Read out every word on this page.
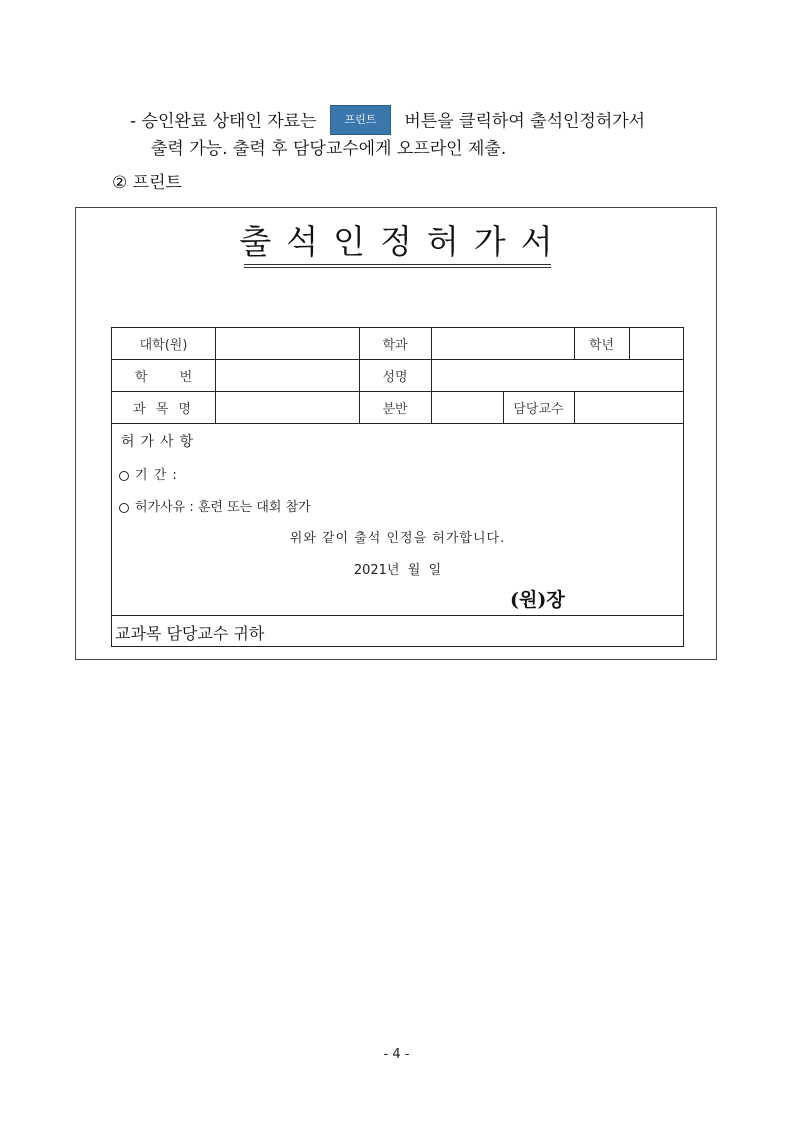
- 승인완료 상태인 자료는	프린트 버튼을 클릭하여 출석인정허가서
출력 가능. 출력 후 담당교수에게 오프라인 제출.
② 프린트
출석인정허가서
대학(원)	학과	학년
학 번	성명
과 목 명	분반	담당교수
허가사항
기 간 :
허가사유 : 훈련 또는 대회 참가
위와 같이 출석 인정을 허가합니다.
2021년  월  일
(원)장
교과목 담당교수 귀하
- 4 -
